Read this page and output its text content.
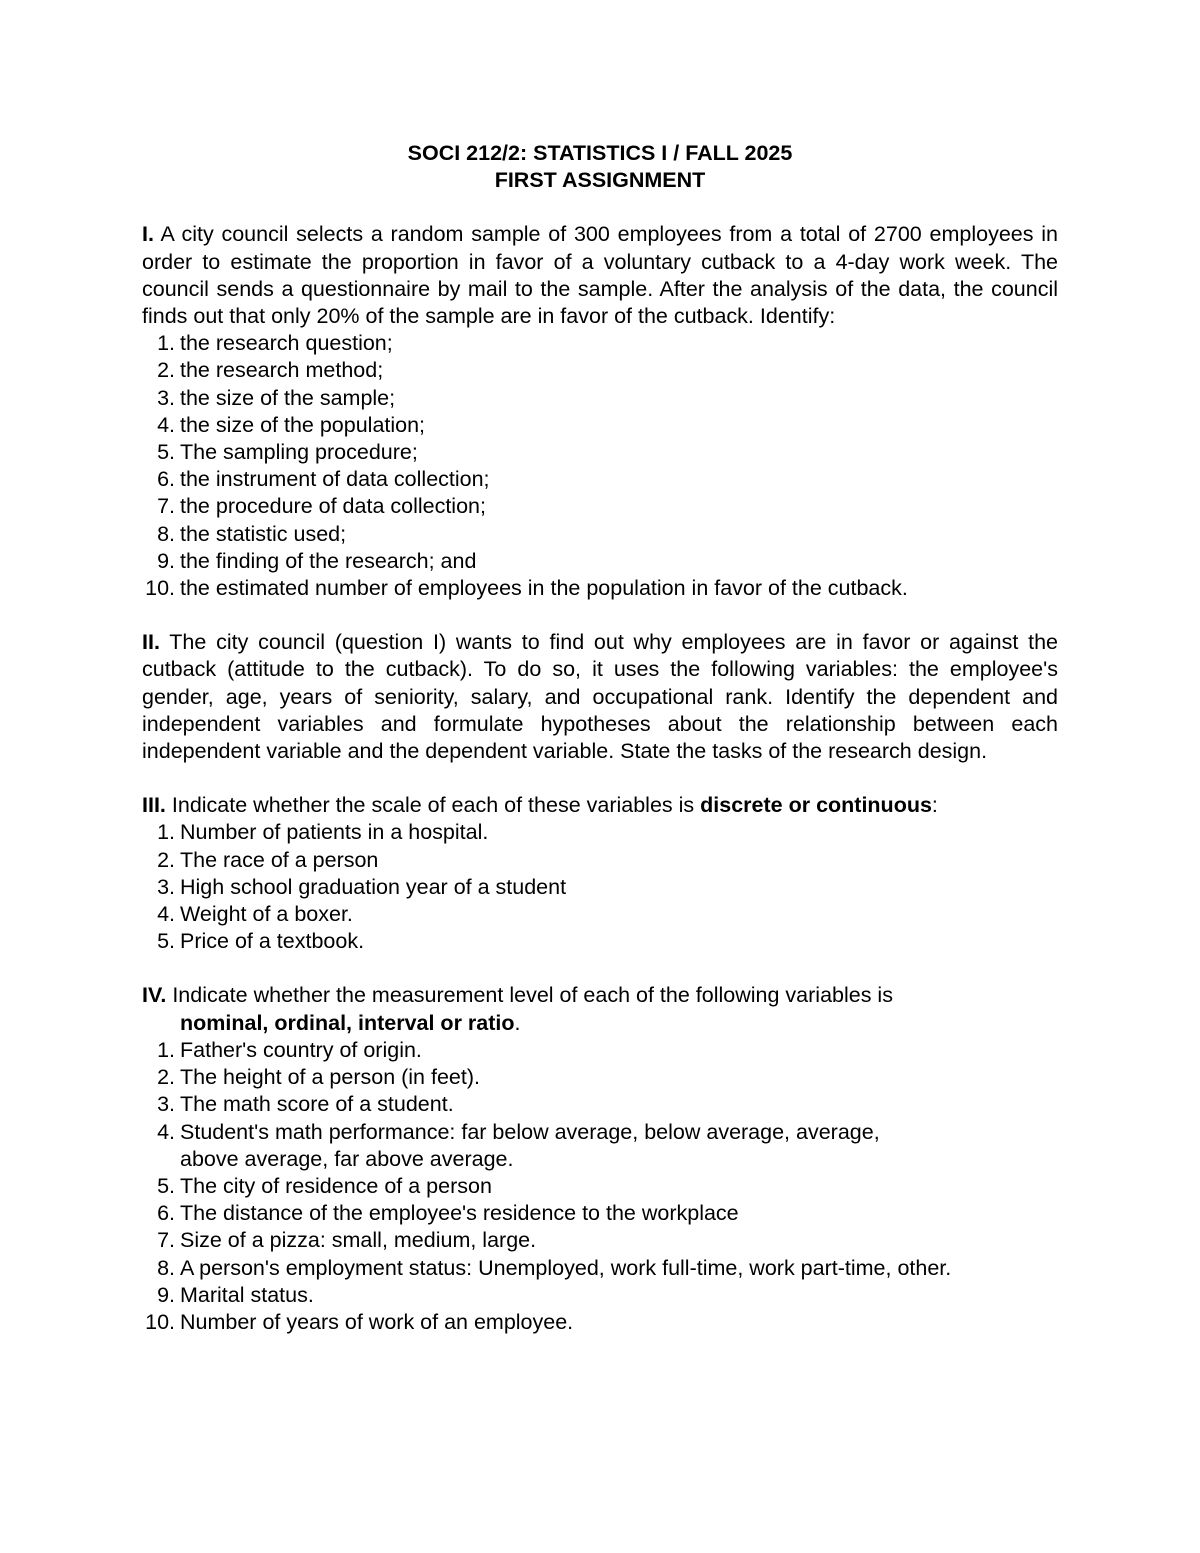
SOCI 212/2: STATISTICS I / FALL 2025
FIRST ASSIGNMENT
I. A city council selects a random sample of 300 employees from a total of 2700 employees in order to estimate the proportion in favor of a voluntary cutback to a 4-day work week. The council sends a questionnaire by mail to the sample. After the analysis of the data, the council finds out that only 20% of the sample are in favor of the cutback. Identify:
1. the research question;
2. the research method;
3. the size of the sample;
4. the size of the population;
5. The sampling procedure;
6. the instrument of data collection;
7. the procedure of data collection;
8. the statistic used;
9. the finding of the research; and
10. the estimated number of employees in the population in favor of the cutback.
II. The city council (question I) wants to find out why employees are in favor or against the cutback (attitude to the cutback). To do so, it uses the following variables: the employee's gender, age, years of seniority, salary, and occupational rank. Identify the dependent and independent variables and formulate hypotheses about the relationship between each independent variable and the dependent variable. State the tasks of the research design.
III. Indicate whether the scale of each of these variables is discrete or continuous:
1. Number of patients in a hospital.
2. The race of a person
3. High school graduation year of a student
4. Weight of a boxer.
5. Price of a textbook.
IV. Indicate whether the measurement level of each of the following variables is
nominal, ordinal, interval or ratio.
1. Father's country of origin.
2. The height of a person (in feet).
3. The math score of a student.
4. Student's math performance: far below average, below average, average,
above average, far above average.
5. The city of residence of a person
6. The distance of the employee's residence to the workplace
7. Size of a pizza: small, medium, large.
8. A person's employment status: Unemployed, work full-time, work part-time, other.
9. Marital status.
10. Number of years of work of an employee.
